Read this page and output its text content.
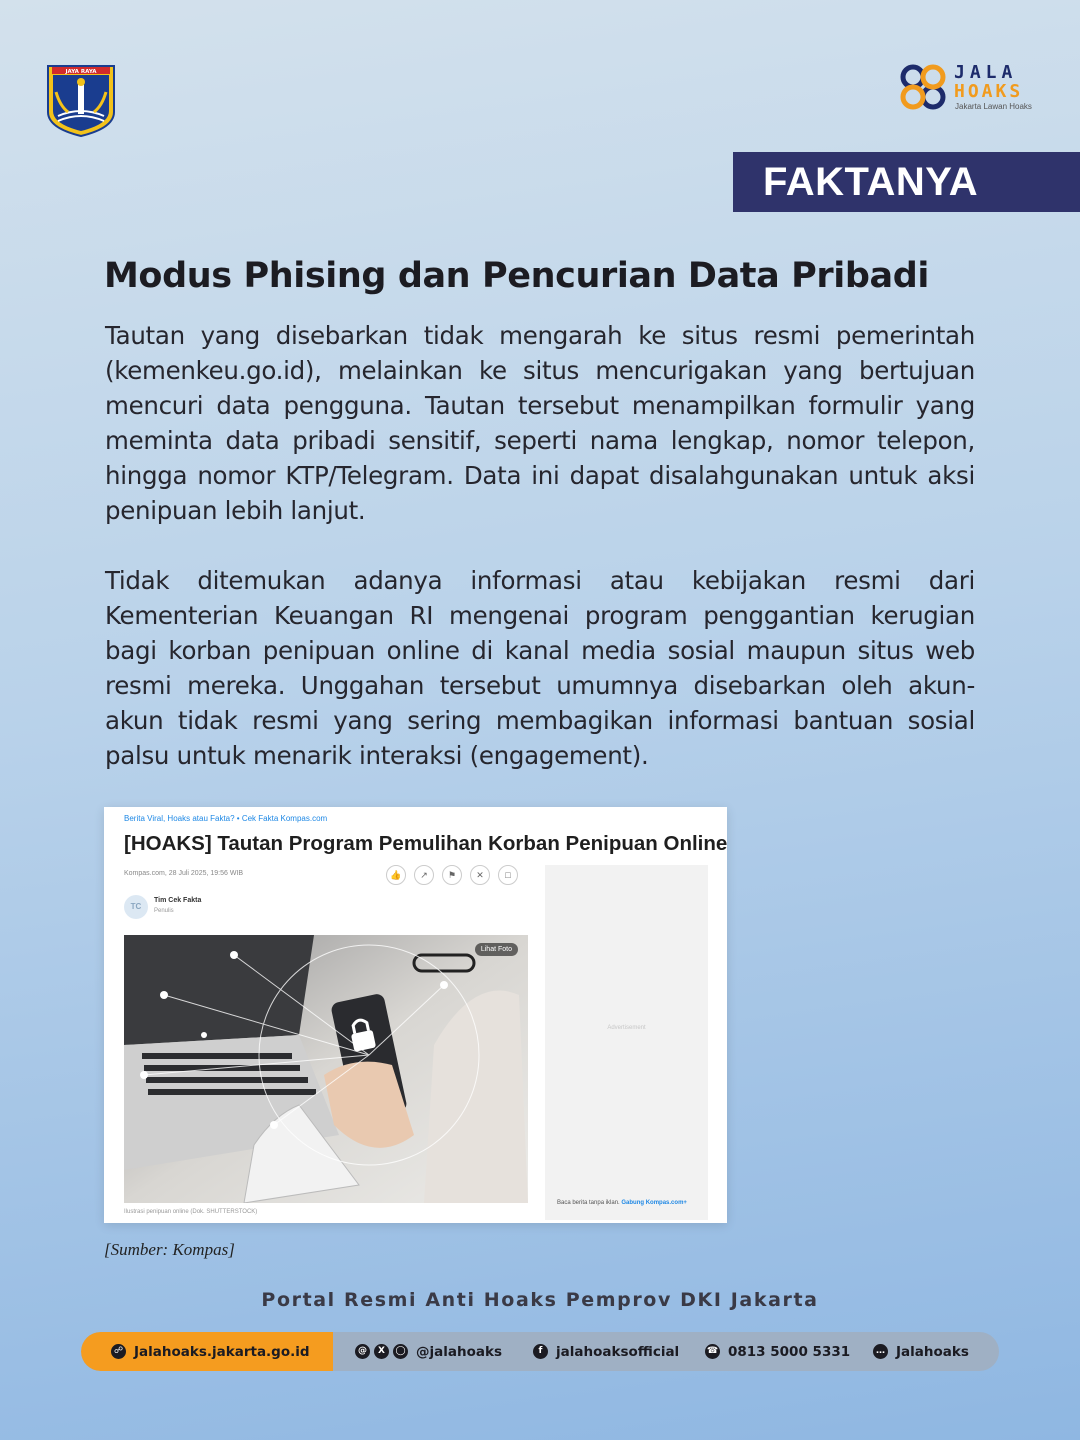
JAYA RAYA	JALA
HOAKS
Jakarta Lawan Hoaks
FAKTANYA
Modus Phising dan Pencurian Data Pribadi

Tautan yang disebarkan tidak mengarah ke situs resmi pemerintah (kemenkeu.go.id), melainkan ke situs mencurigakan yang bertujuan mencuri data pengguna. Tautan tersebut menampilkan formulir yang meminta data pribadi sensitif, seperti nama lengkap, nomor telepon, hingga nomor KTP/Telegram. Data ini dapat disalahgunakan untuk aksi penipuan lebih lanjut.

Tidak ditemukan adanya informasi atau kebijakan resmi dari Kementerian Keuangan RI mengenai program penggantian kerugian bagi korban penipuan online di kanal media sosial maupun situs web resmi mereka. Unggahan tersebut umumnya disebarkan oleh akun-akun tidak resmi yang sering membagikan informasi bantuan sosial palsu untuk menarik interaksi (engagement).

Berita Viral, Hoaks atau Fakta? • Cek Fakta Kompas.com
[HOAKS] Tautan Program Pemulihan Korban Penipuan Online
Kompas.com, 28 Juli 2025, 19:56 WIB	👍	↗	⚑	✕	□
TC
Tim Cek Fakta
Penulis
Lihat Foto
Ilustrasi penipuan online (Dok. SHUTTERSTOCK)
Advertisement
Baca berita tanpa iklan. Gabung Kompas.com+
[Sumber: Kompas]
Portal Resmi Anti Hoaks Pemprov DKI Jakarta
☍ Jalahoaks.jakarta.go.id	@	X	◯ @jalahoaks	f	jalahoaksofficial	☎ 0813 5000 5331	… Jalahoaks
